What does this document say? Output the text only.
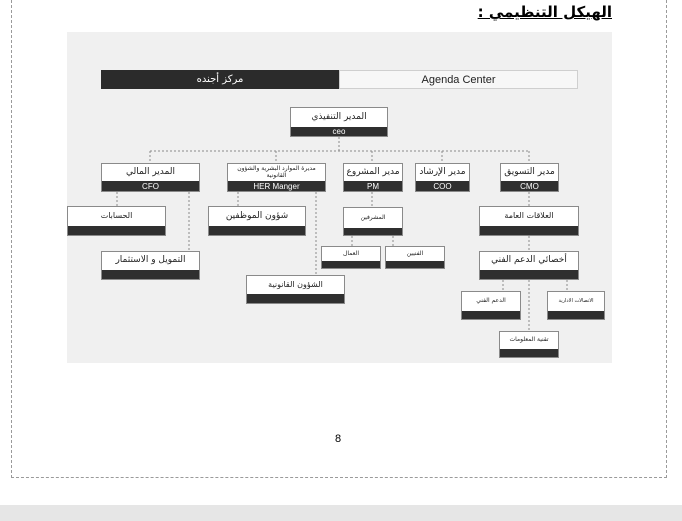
الهيكل التنظيمي :
مركز أجنده	Agenda Center
المدير التنفيذي
ceo
المدير المالي
CFO
مديرة الموارد البشرية والشؤون القانونية
HER Manger
مدير المشروع
PM
مدير الإرشاد
COO
مدير التسويق
CMO
الحسابات
التمويل و الاستثمار
شؤون الموظفين
الشؤون القانونية
المشرفين
العمال	الفنيين
العلاقات العامة
أخصائي الدعم الفني
الدعم الفني	الاتصالات الادارية
تقنية المعلومات
8
